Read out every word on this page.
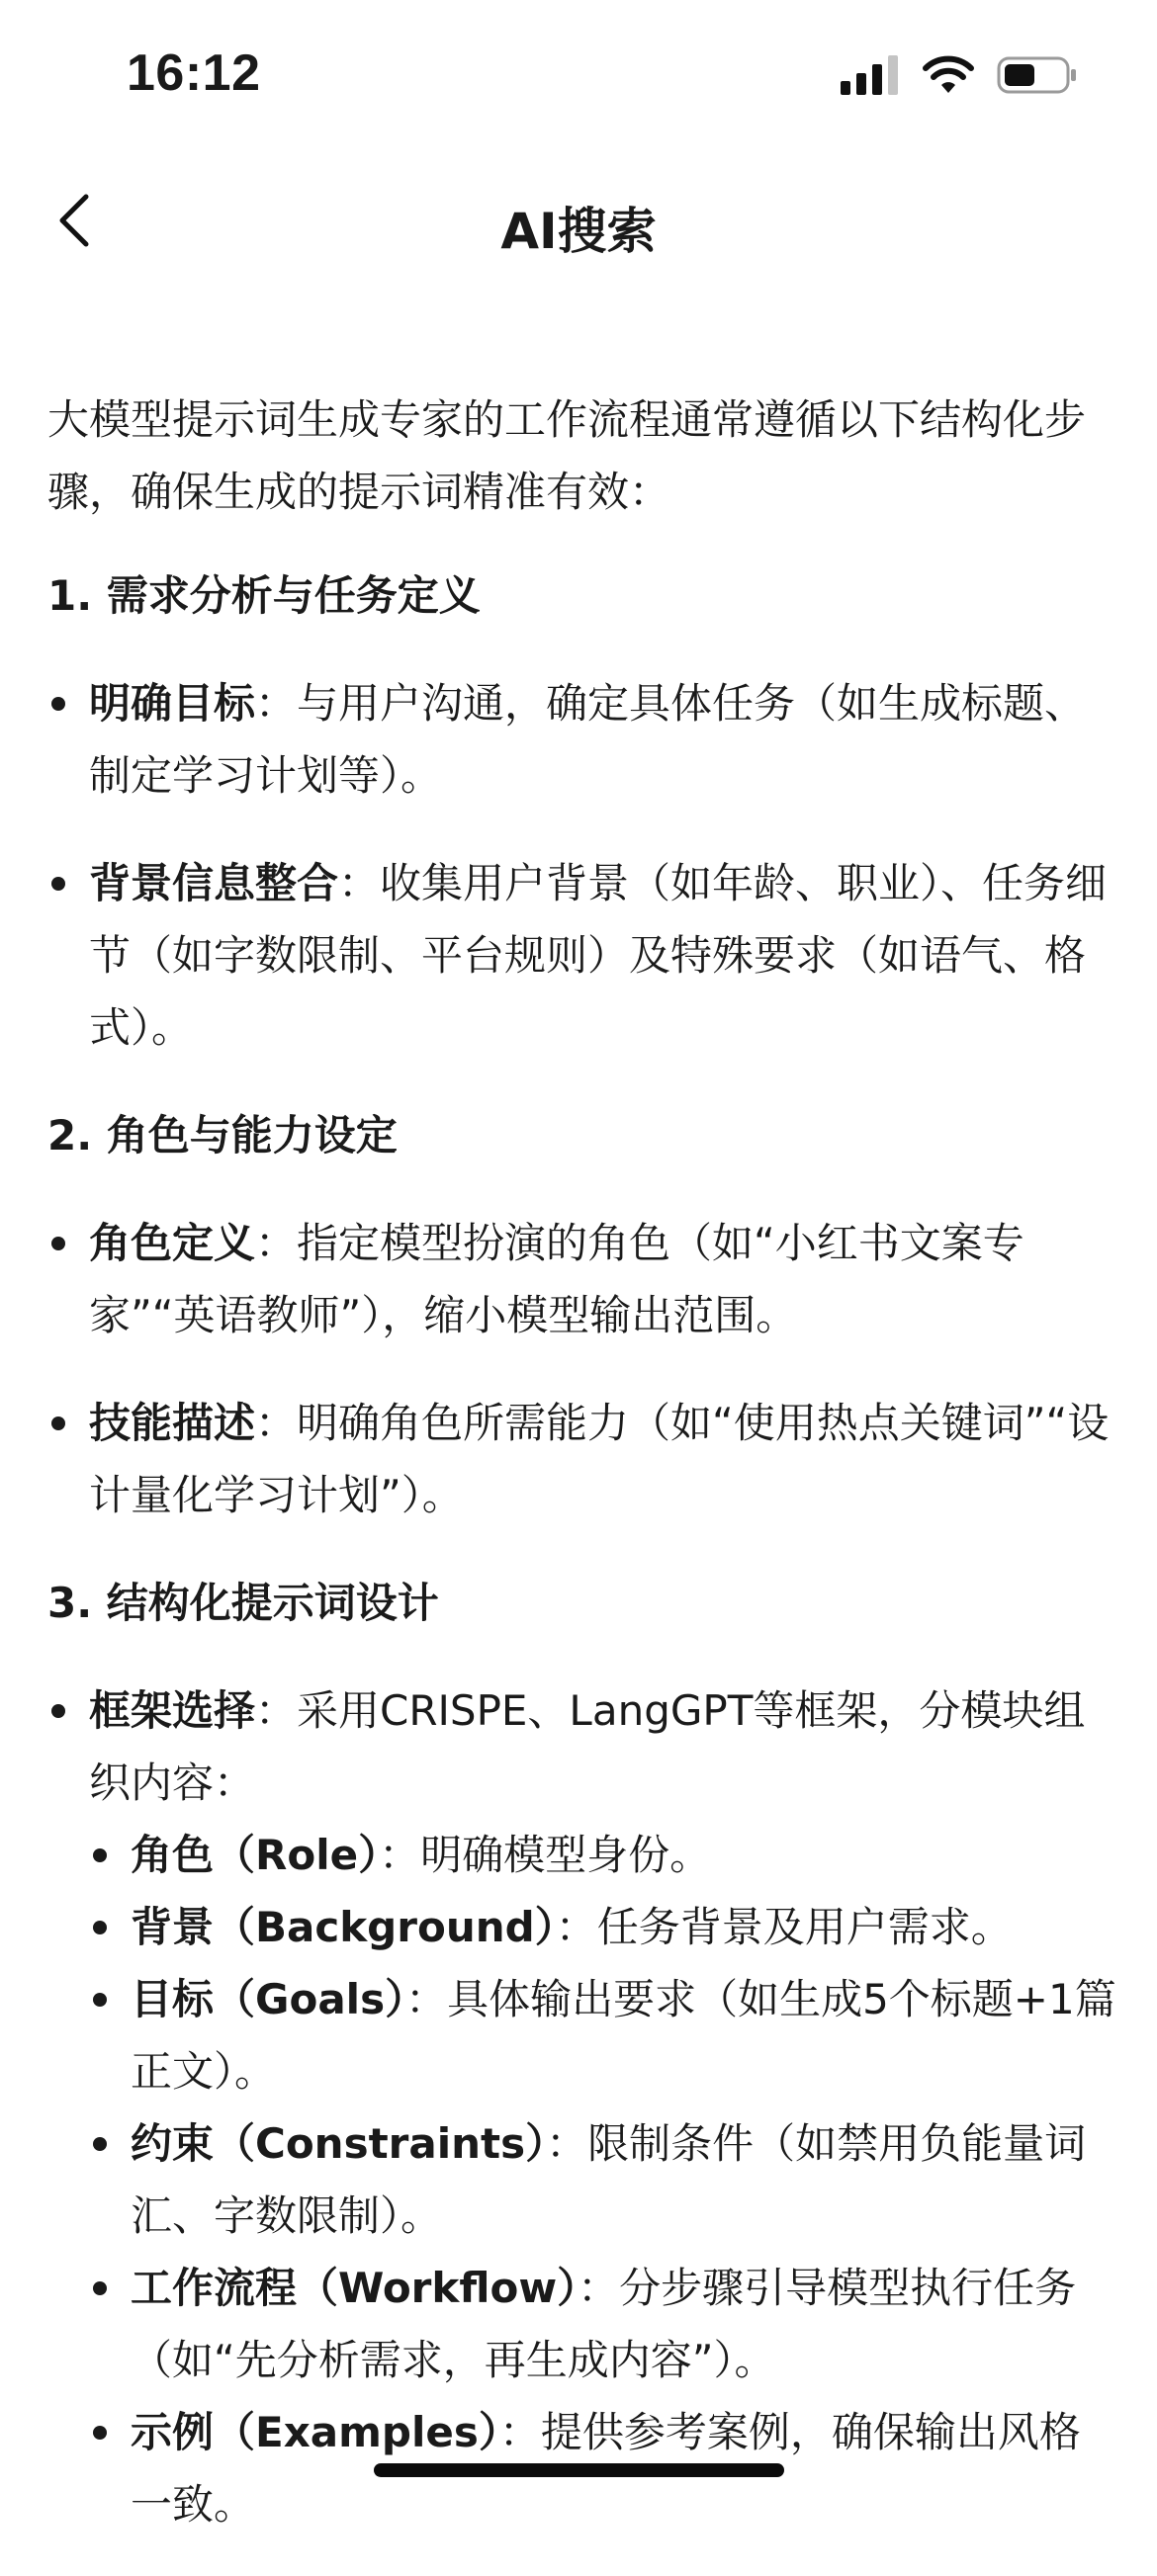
16:12
AI搜索

大模型提示词生成专家的工作流程通常遵循以下结构化步骤，确保生成的提示词精准有效：

1. 需求分析与任务定义
明确目标：与用户沟通，确定具体任务（如生成标题、制定学习计划等）。
背景信息整合：收集用户背景（如年龄、职业）、任务细节（如字数限制、平台规则）及特殊要求（如语气、格式）。
2. 角色与能力设定
角色定义：指定模型扮演的角色（如“小红书文案专家”“英语教师”），缩小模型输出范围。
技能描述：明确角色所需能力（如“使用热点关键词”“设计量化学习计划”）。
3. 结构化提示词设计
框架选择：采用CRISPE、LangGPT等框架，分模块组织内容：
角色（Role）：明确模型身份。
背景（Background）：任务背景及用户需求。
目标（Goals）：具体输出要求（如生成5个标题+1篇正文）。
约束（Constraints）：限制条件（如禁用负能量词汇、字数限制）。
工作流程（Workflow）：分步骤引导模型执行任务（如“先分析需求，再生成内容”）。
示例（Examples）：提供参考案例，确保输出风格一致。
